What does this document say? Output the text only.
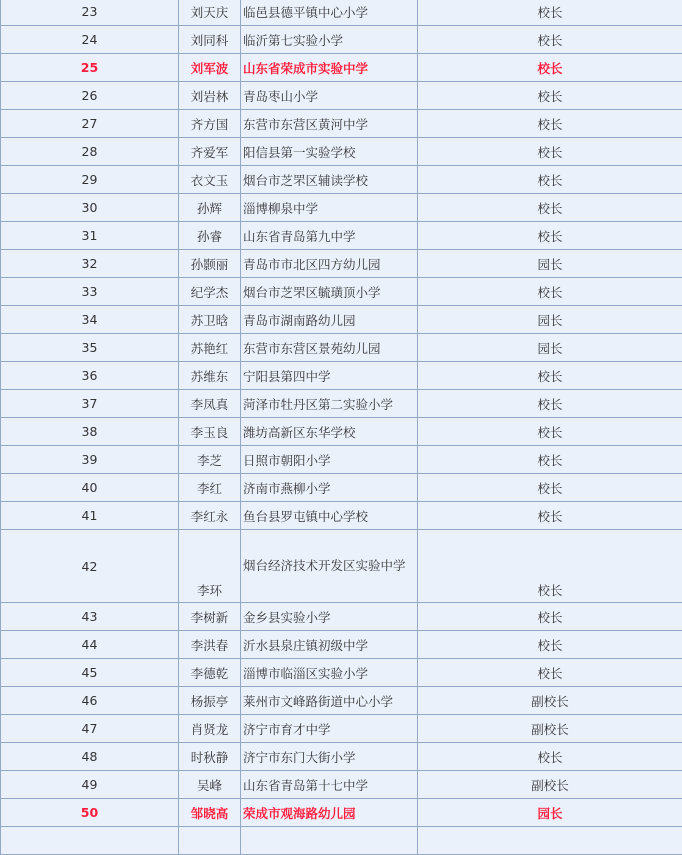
23	刘天庆	临邑县德平镇中心小学	校长
24	刘同科	临沂第七实验小学	校长
25	刘军波	山东省荣成市实验中学	校长
26	刘岩林	青岛枣山小学	校长
27	齐方国	东营市东营区黄河中学	校长
28	齐爱军	阳信县第一实验学校	校长
29	衣文玉	烟台市芝罘区辅读学校	校长
30	孙辉	淄博柳泉中学	校长
31	孙睿	山东省青岛第九中学	校长
32	孙颢丽	青岛市市北区四方幼儿园	园长
33	纪学杰	烟台市芝罘区毓璜顶小学	校长
34	苏卫晗	青岛市湖南路幼儿园	园长
35	苏艳红	东营市东营区景苑幼儿园	园长
36	苏维东	宁阳县第四中学	校长
37	李凤真	菏泽市牡丹区第二实验小学	校长
38	李玉良	潍坊高新区东华学校	校长
39	李芝	日照市朝阳小学	校长
40	李红	济南市燕柳小学	校长
41	李红永	鱼台县罗屯镇中心学校	校长
42	李环	烟台经济技术开发区实验中学	校长
43	李树新	金乡县实验小学	校长
44	李洪春	沂水县泉庄镇初级中学	校长
45	李德乾	淄博市临淄区实验小学	校长
46	杨振亭	莱州市文峰路街道中心小学	副校长
47	肖贤龙	济宁市育才中学	副校长
48	时秋静	济宁市东门大街小学	校长
49	吴峰	山东省青岛第十七中学	副校长
50	邹晓高	荣成市观海路幼儿园	园长
